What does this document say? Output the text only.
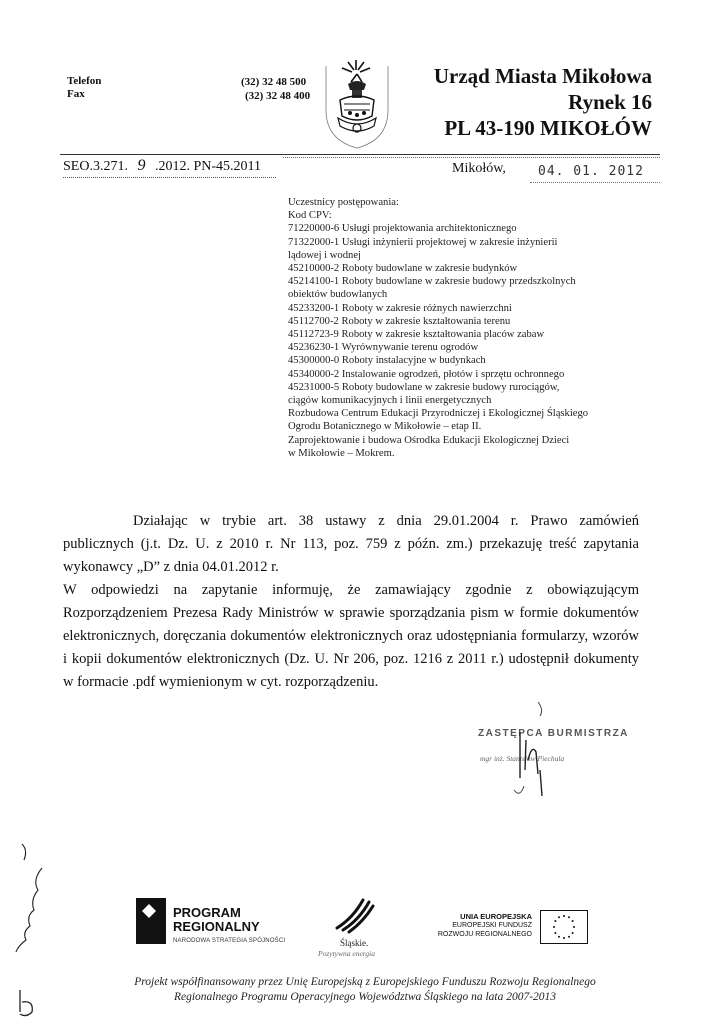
Telefon
Fax
(32) 32 48 500
(32) 32 48 400
Urząd Miasta Mikołowa
Rynek 16
PL 43-190 MIKOŁÓW
SEO.3.271. 9 .2012. PN-45.2011	Mikołów, 04. 01. 2012
Uczestnicy postępowania:
Kod CPV:
71220000-6 Usługi projektowania architektonicznego
71322000-1 Usługi inżynierii projektowej w zakresie inżynierii
lądowej i wodnej
45210000-2 Roboty budowlane w zakresie budynków
45214100-1 Roboty budowlane w zakresie budowy przedszkolnych
obiektów budowlanych
45233200-1 Roboty w zakresie różnych nawierzchni
45112700-2 Roboty w zakresie kształtowania terenu
45112723-9 Roboty w zakresie kształtowania placów zabaw
45236230-1 Wyrównywanie terenu ogrodów
45300000-0 Roboty instalacyjne w budynkach
45340000-2 Instalowanie ogrodzeń, płotów i sprzętu ochronnego
45231000-5 Roboty budowlane w zakresie budowy rurociągów,
ciągów komunikacyjnych i linii energetycznych
Rozbudowa Centrum Edukacji Przyrodniczej i Ekologicznej Śląskiego
Ogrodu Botanicznego w Mikołowie – etap II.
Zaprojektowanie i budowa Ośrodka Edukacji Ekologicznej Dzieci
w Mikołowie – Mokrem.

Działając w trybie art. 38 ustawy z dnia 29.01.2004 r. Prawo zamówień

publicznych (j.t. Dz. U. z 2010 r. Nr 113, poz. 759 z późn. zm.) przekazuję treść zapytania

wykonawcy „D” z dnia 04.01.2012 r.

W odpowiedzi na zapytanie informuję, że zamawiający zgodnie z obowiązującym

Rozporządzeniem Prezesa Rady Ministrów w sprawie sporządzania pism w formie dokumentów

elektronicznych, doręczania dokumentów elektronicznych oraz udostępniania formularzy, wzorów

i kopii dokumentów elektronicznych (Dz. U. Nr 206, poz. 1216 z 2011 r.) udostępnił dokumenty

w formacie .pdf wymienionym w cyt. rozporządzeniu.

ZASTĘPCA BURMISTRZA
mgr inż. Stanisław Piechula
PROGRAM
REGIONALNY
NARODOWA STRATEGIA SPÓJNOŚCI	Śląskie.
Pozytywna energia
UNIA EUROPEJSKA
EUROPEJSKI FUNDUSZ
ROZWOJU REGIONALNEGO
Projekt współfinansowany przez Unię Europejską z Europejskiego Funduszu Rozwoju Regionalnego
Regionalnego Programu Operacyjnego Województwa Śląskiego na lata 2007-2013
